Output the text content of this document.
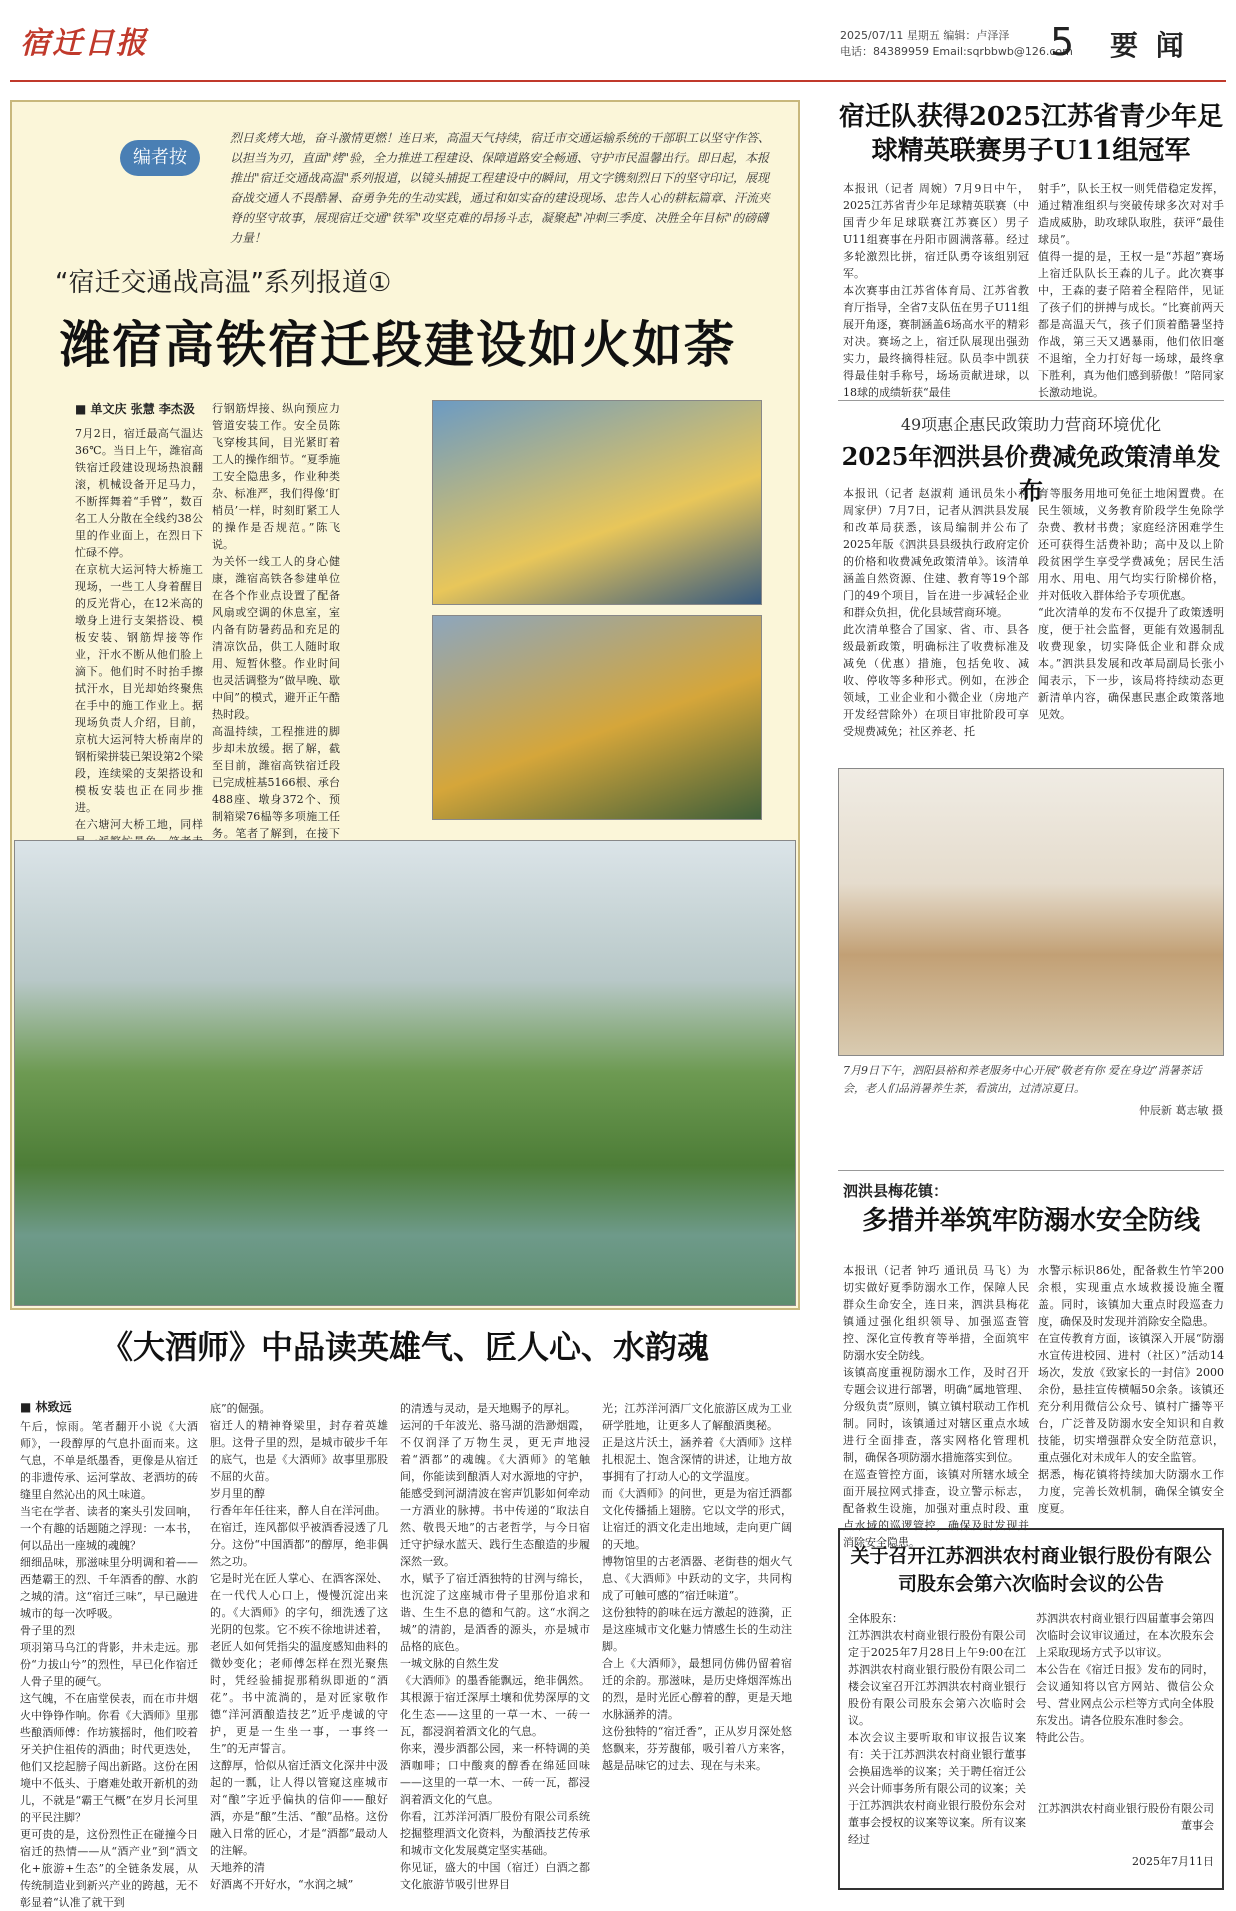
宿迁日报	2025/07/11 星期五 编辑：卢泽泽
电话：84389959 Email:sqrbbwb@126.com
5 要 闻
编者按
烈日炙烤大地，奋斗激情更燃！连日来，高温天气持续，宿迁市交通运输系统的干部职工以坚守作答、以担当为刃，直面"烤"验，全力推进工程建设、保障道路安全畅通、守护市民温馨出行。即日起，本报推出"宿迁交通战高温"系列报道，以镜头捕捉工程建设中的瞬间，用文字镌刻烈日下的坚守印记，展现奋战交通人不畏酷暑、奋勇争先的生动实践，通过和如实奋的建设现场、忠告人心的耕耘篇章、汗流夹脊的坚守故事，展现宿迁交通"铁军"攻坚克难的昂扬斗志，凝聚起"冲刺三季度、决胜全年目标"的磅礴力量！
“宿迁交通战高温”系列报道①
潍宿高铁宿迁段建设如火如荼
■ 单文庆 张慧 李杰汲
7月2日，宿迁最高气温达36℃。当日上午，潍宿高铁宿迁段建设现场热浪翻滚，机械设备开足马力，不断挥舞着“手臂”，数百名工人分散在全线约38公里的作业面上，在烈日下忙碌不停。
在京杭大运河特大桥施工现场，一些工人身着醒目的反光背心，在12米高的墩身上进行支架搭设、模板安装、钢筋焊接等作业，汗水不断从他们脸上滴下。他们时不时抬手擦拭汗水，目光却始终聚焦在手中的施工作业上。据现场负责人介绍，目前，京杭大运河特大桥南岸的钢桁梁拼装已架设第2个梁段，连续梁的支架搭设和模板安装也正在同步推进。
在六塘河大桥工地，同样
行钢筋焊接、纵向预应力管道安装工作。安全员陈飞穿梭其间，目光紧盯着工人的操作细节。“夏季施工安全隐患多，作业种类杂、标准严，我们得像‘盯梢员’一样，时刻盯紧工人的操作是否规范。”陈飞说。
为关怀一线工人的身心健康，潍宿高铁各参建单位在各个作业点设置了配备风扇或空调的休息室，室内备有防暑药品和充足的清凉饮品，供工人随时取用、短暂休整。作业时间也灵活调整为“做早晚、歇中间”的模式，避开正午酷热时段。
高温持续，工程推进的脚步却未放缓。据了解，截至目前，潍宿高铁宿迁段已完成桩基5166根、承台488座、墩身372个、预制箱梁76榀等多项施工任务。笔者了解到，在接下
《大酒师》中品读英雄气、匠人心、水韵魂
■ 林致远
午后，惊雨。笔者翻开小说《大酒师》，一段醇厚的气息扑面而来。这气息，不单是纸墨香，更像是从宿迁的非遗传承、运河掌故、老酒坊的砖缝里自然沁出的风土味道。
当宅在学者、读者的案头引发回响，一个有趣的话题随之浮现：一本书，何以品出一座城的魂魄？
细细品味，那滋味里分明调和着——西楚霸王的烈、千年酒香的醇、水韵之城的清。这“宿迁三味”，早已融进城市的每一次呼吸。
骨子里的烈
项羽第马乌江的背影，井未走远。那份“力拔山兮”的烈性，早已化作宿迁人骨子里的硬气。
这气魄，不在庙堂侯表，而在市井烟火中铮铮作响。你看《大酒师》里那些酿酒师傅：作坊簇摇时，他们咬着牙关护住祖传的酒曲；时代更迭处，他们又挖起膀子闯出新路。这份在困境中不低头、于磨难处敢开新机的劲儿，不就是“霸王气概”在岁月长河里的平民注脚？
更可贵的是，这份烈性正在碰撞今日宿迁的热情——从“酒产业”到“酒文化+旅游+生态”的全链条发展，从传统制造业到新兴产业的跨越，无不彰显着“认准了就干到
底”的倔强。
宿迁人的精神脊梁里，封存着英雄胆。这骨子里的烈，是城市破步千年的底气，也是《大酒师》故事里那股不屈的火苗。
岁月里的醇
行香年年任往来，醉人自在洋河曲。
在宿迁，连风都似乎被酒香浸透了几分。这份“中国酒都”的醇厚，绝非偶然之功。
它是时光在匠人掌心、在酒客深处、在一代代人心口上，慢慢沉淀出来的。《大酒师》的字句，细洗透了这光阴的包浆。它不疾不徐地讲述着，老匠人如何凭指尖的温度感知曲料的微妙变化；老师傅怎样在烈光聚焦时，凭经验捕捉那稍纵即逝的“酒花”。书中流淌的，是对匠家敬作德“洋河酒酿造技艺”近乎虔诚的守护，更是一生坐一事，一事终一生”的无声誓言。
这醇厚，恰似从宿迁酒文化深井中汲起的一瓢，让人得以管窥这座城市对“酿”字近乎偏执的信仰——酿好酒，亦是“酿”生活、“酿”品格。这份融入日常的匠心，才是“酒都”最动人的注解。
天地养的清
好酒离不开好水，“水润之城”
的清透与灵动，是天地赐予的厚礼。
运河的千年波光、骆马湖的浩渺烟霞，不仅润泽了万物生灵，更无声地浸着“酒都”的魂魄。《大酒师》的笔触间，你能读到酿酒人对水源地的守护，能感受到河湖清波在窖声饥影如何牵动一方酒业的脉搏。书中传递的“取法自然、敬畏天地”的古老哲学，与今日宿迁守护绿水蓝天、践行生态酿造的步履深然一致。
水，赋予了宿迁酒独特的甘洌与绵长，也沉淀了这座城市骨子里那份追求和谐、生生不息的德和气韵。这“水润之城”的清韵，是酒香的源头，亦是城市品格的底色。
一城文脉的自然生发
《大酒师》的墨香能飘远，绝非偶然。其根源于宿迁深厚土壤和优势深厚的文化生态——这里的一草一木、一砖一瓦，都浸润着酒文化的气息。
你来，漫步酒都公园，来一杯特调的美酒咖啡；口中酸爽的醇香在绵延回味——这里的一草一木、一砖一瓦，都浸润着酒文化的气息。
你看，江苏洋河酒厂股份有限公司系统挖掘整理酒文化资料，为酿酒技艺传承和城市文化发展奠定坚实基础。
你见证，盛大的中国（宿迁）白酒之都文化旅游节吸引世界目
光；江苏洋河酒厂文化旅游区成为工业研学胜地，让更多人了解酿酒奥秘。
正是这片沃土，涵养着《大酒师》这样扎根泥土、饱含深情的讲述，让地方故事拥有了打动人心的文学温度。
而《大酒师》的问世，更是为宿迁酒都文化传播插上翅膀。它以文学的形式，让宿迁的酒文化走出地域，走向更广阔的天地。
博物馆里的古老酒器、老街巷的烟火气息、《大酒师》中跃动的文字，共同构成了可触可感的“宿迁味道”。
这份独特的韵味在远方激起的涟漪，正是这座城市文化魅力情感生长的生动注脚。
合上《大酒师》，最想同仿佛仍留着宿迁的余韵。那滋味，是历史烽烟浑炼出的烈，是时光匠心醇着的醇，更是天地水脉涵养的清。
这份独特的“宿迁香”，正从岁月深处悠悠飘来，芬芳馥郁，吸引着八方来客，越是品味它的过去、现在与未来。
宿迁队获得2025江苏省青少年足球精英联赛男子U11组冠军
本报讯（记者 周婉）7月9日中午，2025江苏省青少年足球精英联赛（中国青少年足球联赛江苏赛区）男子U11组赛事在丹阳市圆满落幕。经过多轮激烈比拼，宿迁队勇夺该组别冠军。
本次赛事由江苏省体育局、江苏省教育厅指导，全省7支队伍在男子U11组展开角逐，赛制涵盖6场高水平的精彩对决。赛场之上，宿迁队展现出强劲实力，最终摘得桂冠。队员李中凯获得最佳射手称号，场场贡献进球，以18球的成绩斩获“最佳
射手”，队长王权一则凭借稳定发挥，通过精准组织与突破传球多次对对手造成威胁，助攻球队取胜，获评“最佳球员”。
值得一提的是，王权一是“苏超”赛场上宿迁队队长王森的儿子。此次赛事中，王森的妻子陪着全程陪伴，见证了孩子们的拼搏与成长。“比赛前两天都是高温天气，孩子们顶着酷暑坚持作战，第三天又遇暴雨，他们依旧毫不退缩，全力打好每一场球，最终拿下胜利，真为他们感到骄傲！”陪同家长激动地说。
49项惠企惠民政策助力营商环境优化
2025年泗洪县价费减免政策清单发布
本报讯（记者 赵淑莉 通讯员朱小利 周家伊）7月7日，记者从泗洪县发展和改革局获悉，该局编制并公布了2025年版《泗洪县县级执行政府定价的价格和收费减免政策清单》。该清单涵盖自然资源、住建、教育等19个部门的49个项目，旨在进一步减轻企业和群众负担，优化县域营商环境。
此次清单整合了国家、省、市、县各级最新政策，明确标注了收费标准及减免（优惠）措施，包括免收、减收、停收等多种形式。例如，在涉企领域，工业企业和小微企业（房地产开发经营除外）在项目审批阶段可享受规费减免；社区养老、托
育等服务用地可免征土地闲置费。在民生领域，义务教育阶段学生免除学杂费、教材书费；家庭经济困难学生还可获得生活费补助；高中及以上阶段贫困学生享受学费减免；居民生活用水、用电、用气均实行阶梯价格，并对低收入群体给予专项优惠。
“此次清单的发布不仅提升了政策透明度，便于社会监督，更能有效遏制乱收费现象，切实降低企业和群众成本。”泗洪县发展和改革局副局长张小闻表示，下一步，该局将持续动态更新清单内容，确保惠民惠企政策落地见效。
7月9日下午，泗阳县裕和养老服务中心开展“敬老有你 爱在身边”消暑茶话会，老人们品消暑养生茶，看演出，过清凉夏日。
仲辰新 葛志敏 摄
泗洪县梅花镇：
多措并举筑牢防溺水安全防线
本报讯（记者 钟巧 通讯员 马飞）为切实做好夏季防溺水工作，保障人民群众生命安全，连日来，泗洪县梅花镇通过强化组织领导、加强巡查管控、深化宣传教育等举措，全面筑牢防溺水安全防线。
该镇高度重视防溺水工作，及时召开专题会议进行部署，明确“属地管理、分级负责”原则，镇立镇村联动工作机制。同时，该镇通过对辖区重点水域进行全面排查，落实网格化管理机制，确保各项防溺水措施落实到位。
在巡查管控方面，该镇对所辖水域全面开展拉网式排查，设立警示标志，配备救生设施，加强对重点时段、重点水域的巡逻管控，确保及时发现并消除安全隐患。
水警示标识86处，配备救生竹竿200余根，实现重点水域救援设施全覆盖。同时，该镇加大重点时段巡查力度，确保及时发现并消除安全隐患。
在宣传教育方面，该镇深入开展“防溺水宣传进校园、进村（社区）”活动14场次，发放《致家长的一封信》2000余份，悬挂宣传横幅50余条。该镇还充分利用微信公众号、镇村广播等平台，广泛普及防溺水安全知识和自救技能，切实增强群众安全防范意识，重点强化对未成年人的安全监管。
据悉，梅花镇将持续加大防溺水工作力度，完善长效机制，确保全镇安全度夏。
关于召开江苏泗洪农村商业银行股份有限公司股东会第六次临时会议的公告
全体股东：
江苏泗洪农村商业银行股份有限公司定于2025年7月28日上午9:00在江苏泗洪农村商业银行股份有限公司二楼会议室召开江苏泗洪农村商业银行股份有限公司股东会第六次临时会议。
本次会议主要听取和审议报告议案有：关于江苏泗洪农村商业银行董事会换届选举的议案；关于聘任宿迁公兴会计师事务所有限公司的议案；关于江苏泗洪农村商业银行股份东会对董事会授权的议案等议案。所有议案经过
苏泗洪农村商业银行四届董事会第四次临时会议审议通过，在本次股东会上采取现场方式予以审议。
本公告在《宿迁日报》发布的同时，会议通知将以官方网站、微信公众号、营业网点公示栏等方式向全体股东发出。请各位股东准时参会。
特此公告。
江苏泗洪农村商业银行股份有限公司董事会
2025年7月11日
